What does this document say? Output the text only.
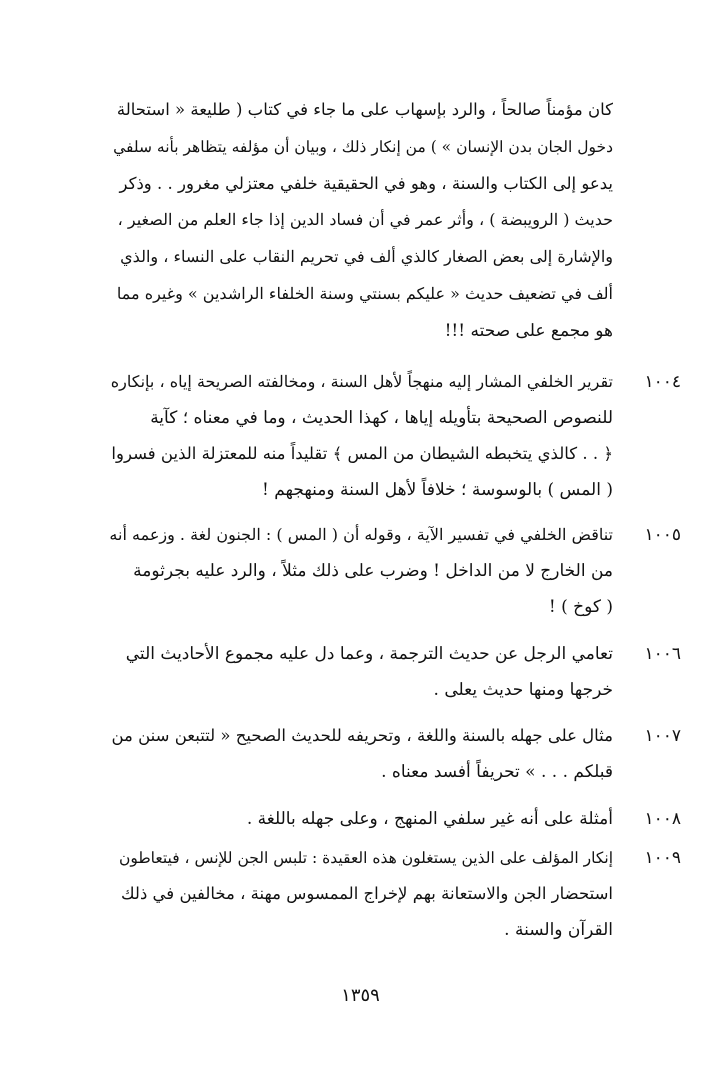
كان مؤمناً صالحاً ، والرد بإسهاب على ما جاء في كتاب ( طليعة « استحالة
دخول الجان بدن الإنسان » ) من إنكار ذلك ، وبيان أن مؤلفه يتظاهر بأنه سلفي
يدعو إلى الكتاب والسنة ، وهو في الحقيقية خلفي معتزلي مغرور . . وذكر
حديث ( الرويبضة ) ، وأثر عمر في أن فساد الدين إذا جاء العلم من الصغير ،
والإشارة إلى بعض الصغار كالذي ألف في تحريم النقاب على النساء ، والذي
ألف في تضعيف حديث « عليكم بسنتي وسنة الخلفاء الراشدين » وغيره مما
هو مجمع على صحته !!!
١٠٠٤
تقرير الخلفي المشار إليه منهجاً لأهل السنة ، ومخالفته الصريحة إياه ، بإنكاره
للنصوص الصحيحة بتأويله إياها ، كهذا الحديث ، وما في معناه ؛ كآية
﴿ . . كالذي يتخبطه الشيطان من المس ﴾ تقليداً منه للمعتزلة الذين فسروا
( المس ) بالوسوسة ؛ خلافاً لأهل السنة ومنهجهم !
١٠٠٥
تناقض الخلفي في تفسير الآية ، وقوله أن ( المس ) : الجنون لغة . وزعمه أنه
من الخارج لا من الداخل ! وضرب على ذلك مثلاً ، والرد عليه بجرثومة
( كوخ ) !
١٠٠٦
تعامي الرجل عن حديث الترجمة ، وعما دل عليه مجموع الأحاديث التي
خرجها ومنها حديث يعلى .
١٠٠٧
مثال على جهله بالسنة واللغة ، وتحريفه للحديث الصحيح « لتتبعن سنن من
قبلكم . . . » تحريفاً أفسد معناه .
١٠٠٨
أمثلة على أنه غير سلفي المنهج ، وعلى جهله باللغة .
١٠٠٩
إنكار المؤلف على الذين يستغلون هذه العقيدة : تلبس الجن للإنس ، فيتعاطون
استحضار الجن والاستعانة بهم لإخراج الممسوس مهنة ، مخالفين في ذلك
القرآن والسنة .
١٣٥٩
